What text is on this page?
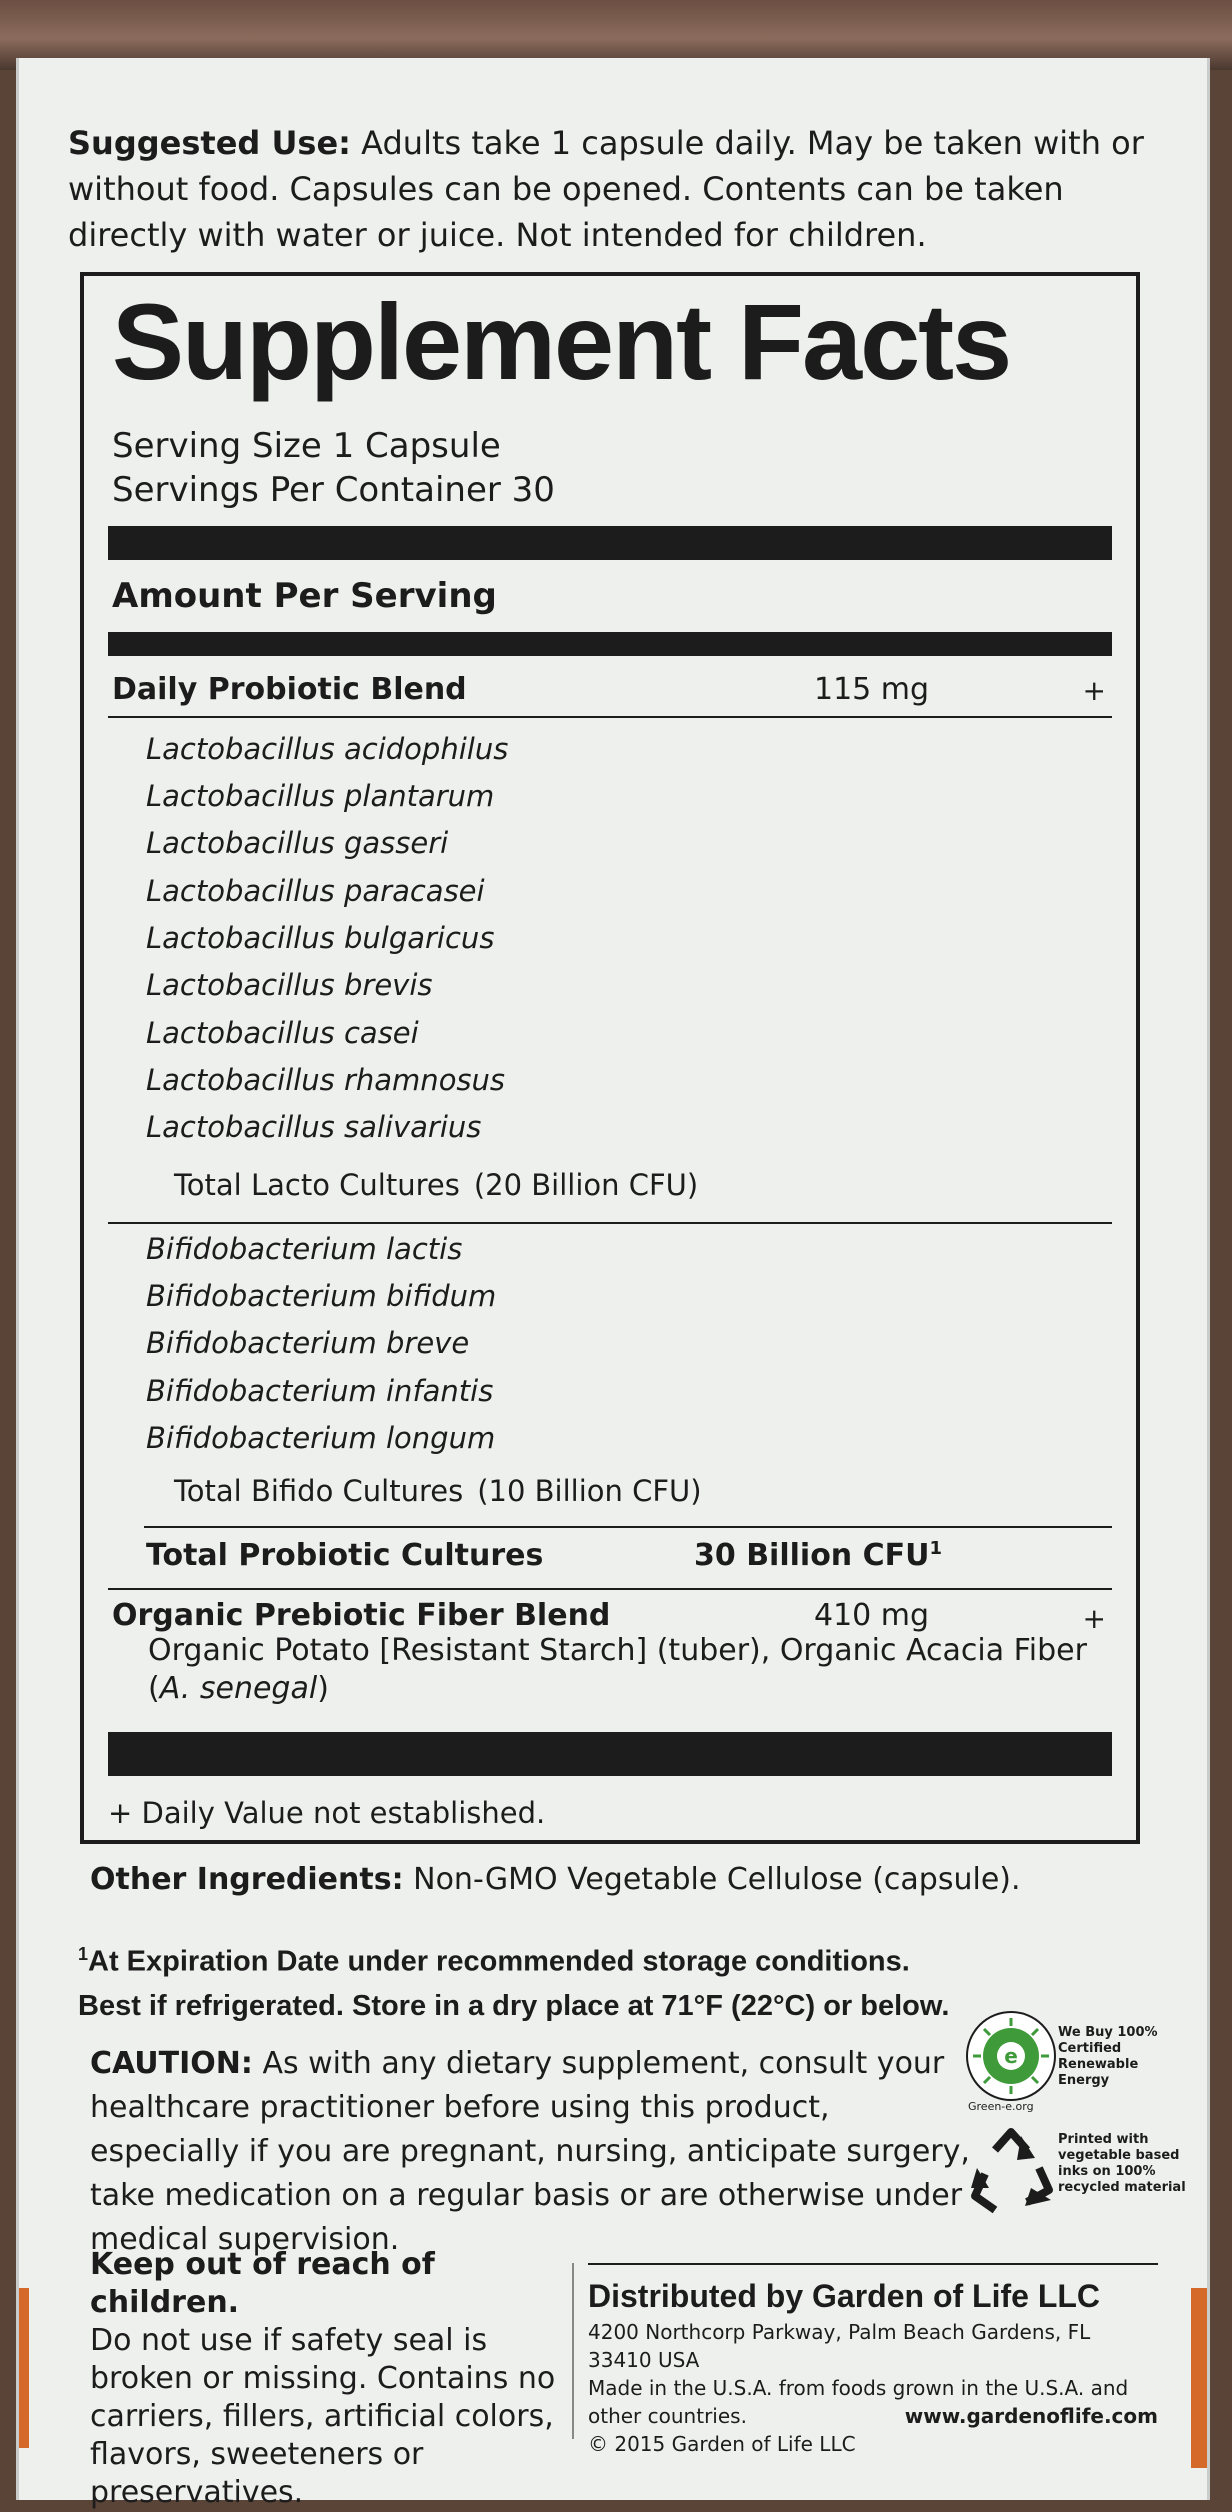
Suggested Use: Adults take 1 capsule daily. May be taken with or without food. Capsules can be opened. Contents can be taken directly with water or juice. Not intended for children.
Supplement Facts
Serving Size 1 Capsule
Servings Per Container 30
Amount Per Serving
Daily Probiotic Blend	115 mg	+
Lactobacillus acidophilus
Lactobacillus plantarum
Lactobacillus gasseri
Lactobacillus paracasei
Lactobacillus bulgaricus
Lactobacillus brevis
Lactobacillus casei
Lactobacillus rhamnosus
Lactobacillus salivarius
Total Lacto Cultures (20 Billion CFU)
Bifidobacterium lactis
Bifidobacterium bifidum
Bifidobacterium breve
Bifidobacterium infantis
Bifidobacterium longum
Total Bifido Cultures (10 Billion CFU)
Total Probiotic Cultures	30 Billion CFU$^1$
Organic Prebiotic Fiber Blend	410 mg	+
Organic Potato [Resistant Starch] (tuber), Organic Acacia Fiber
(A. senegal)
+ Daily Value not established.
Other Ingredients: Non-GMO Vegetable Cellulose (capsule).
$^1$At Expiration Date under recommended storage conditions.
Best if refrigerated. Store in a dry place at 71°F (22°C) or below.
CAUTION: As with any dietary supplement, consult your healthcare practitioner before using this product, especially if you are pregnant, nursing, anticipate surgery, take medication on a regular basis or are otherwise under medical supervision.
e
We Buy 100% Certified Renewable Energy
Green-e.org
Printed with vegetable based inks on 100% recycled material
Keep out of reach of children.
Do not use if safety seal is broken or missing. Contains no carriers, fillers, artificial colors, flavors, sweeteners or preservatives.
Distributed by Garden of Life LLC
4200 Northcorp Parkway, Palm Beach Gardens, FL 33410 USA
Made in the U.S.A. from foods grown in the U.S.A. and
other countries.	www.gardenoflife.com
© 2015 Garden of Life LLC
